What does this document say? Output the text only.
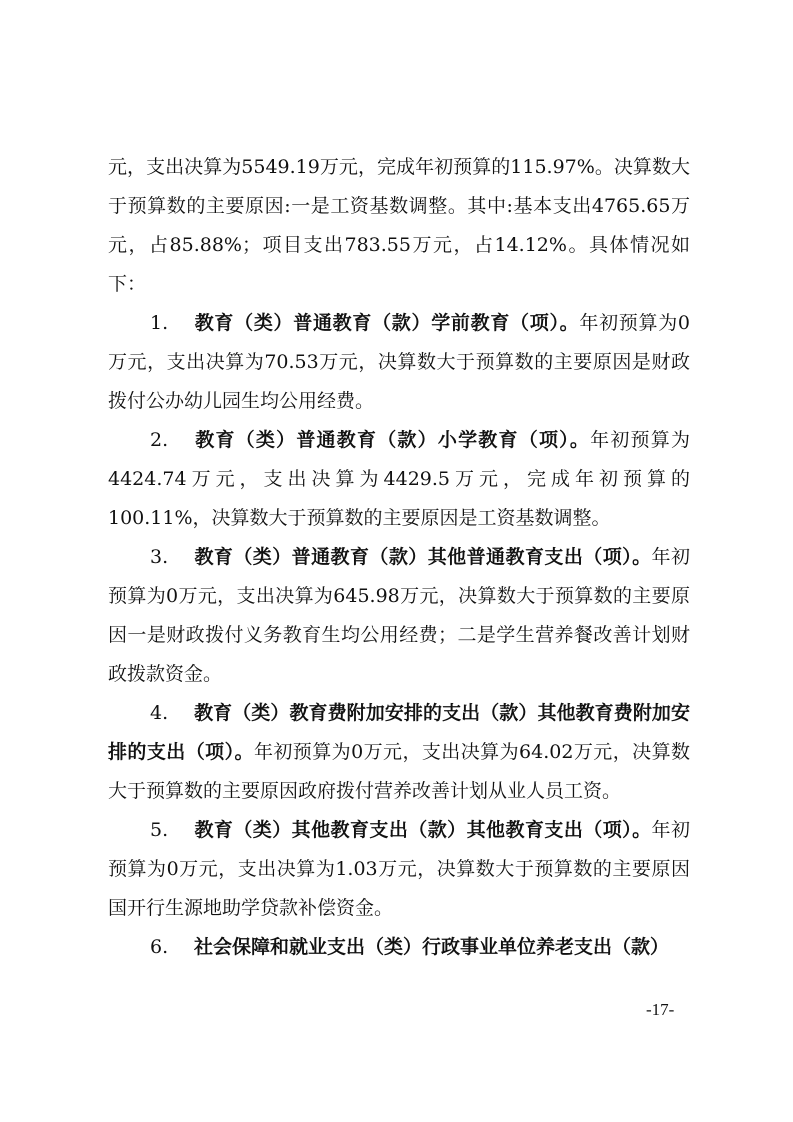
元，支出决算为5549.19万元，完成年初预算的115.97%。决算数大于预算数的主要原因:一是工资基数调整。其中:基本支出4765.65万元，占85.88%；项目支出783.55万元，占14.12%。具体情况如下：

1. 教育（类）普通教育（款）学前教育（项）。年初预算为0万元，支出决算为70.53万元，决算数大于预算数的主要原因是财政拨付公办幼儿园生均公用经费。

2. 教育（类）普通教育（款）小学教育（项）。年初预算为4424.74万元，支出决算为4429.5万元，完成年初预算的100.11%，决算数大于预算数的主要原因是工资基数调整。

3. 教育（类）普通教育（款）其他普通教育支出（项）。年初预算为0万元，支出决算为645.98万元，决算数大于预算数的主要原因一是财政拨付义务教育生均公用经费；二是学生营养餐改善计划财政拨款资金。

4. 教育（类）教育费附加安排的支出（款）其他教育费附加安排的支出（项）。年初预算为0万元，支出决算为64.02万元，决算数大于预算数的主要原因政府拨付营养改善计划从业人员工资。

5. 教育（类）其他教育支出（款）其他教育支出（项）。年初预算为0万元，支出决算为1.03万元，决算数大于预算数的主要原因国开行生源地助学贷款补偿资金。

6. 社会保障和就业支出（类）行政事业单位养老支出（款）

-17-
